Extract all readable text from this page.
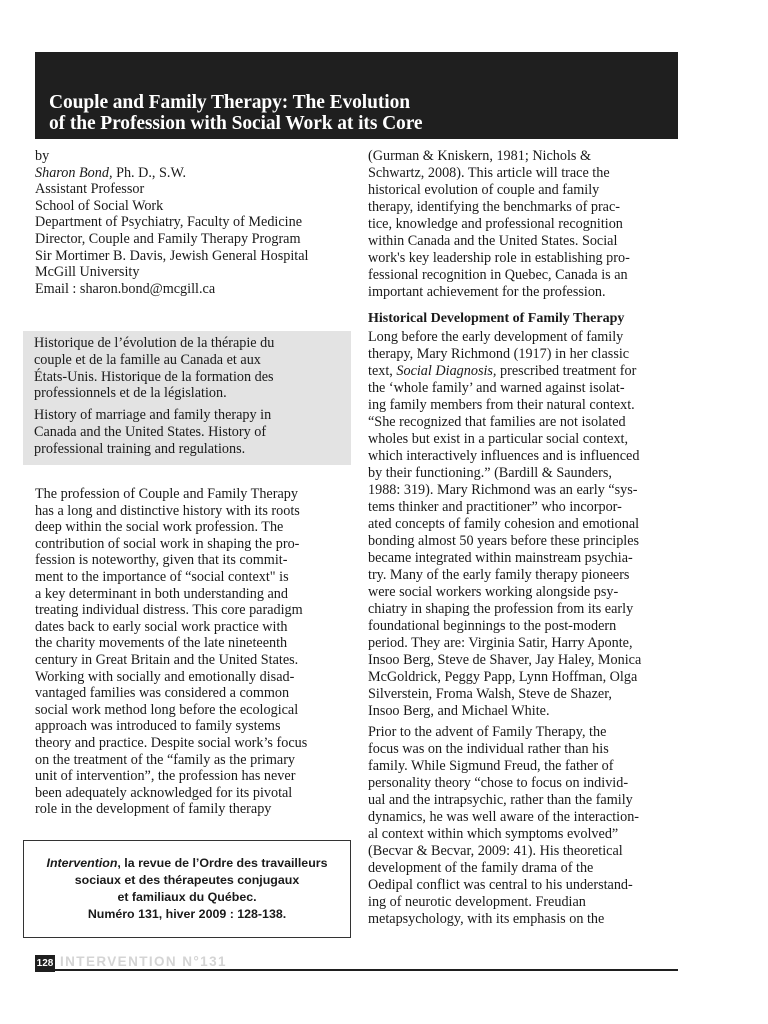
Couple and Family Therapy: The Evolution
of the Profession with Social Work at its Core
by
Sharon Bond, Ph. D., S.W.
Assistant Professor
School of Social Work
Department of Psychiatry, Faculty of Medicine
Director, Couple and Family Therapy Program
Sir Mortimer B. Davis, Jewish General Hospital
McGill University
Email : sharon.bond@mcgill.ca
Historique de l’évolution de la thérapie du
couple et de la famille au Canada et aux
États-Unis. Historique de la formation des
professionnels et de la législation.
History of marriage and family therapy in
Canada and the United States. History of
professional training and regulations.
The profession of Couple and Family Therapy
has a long and distinctive history with its roots
deep within the social work profession. The
contribution of social work in shaping the pro-
fession is noteworthy, given that its commit-
ment to the importance of “social context" is
a key determinant in both understanding and
treating individual distress. This core paradigm
dates back to early social work practice with
the charity movements of the late nineteenth
century in Great Britain and the United States.
Working with socially and emotionally disad-
vantaged families was considered a common
social work method long before the ecological
approach was introduced to family systems
theory and practice. Despite social work’s focus
on the treatment of the “family as the primary
unit of intervention”, the profession has never
been adequately acknowledged for its pivotal
role in the development of family therapy
Intervention, la revue de l’Ordre des travailleurs
sociaux et des thérapeutes conjugaux
et familiaux du Québec.
Numéro 131, hiver 2009 : 128-138.
(Gurman & Kniskern, 1981; Nichols &
Schwartz, 2008). This article will trace the
historical evolution of couple and family
therapy, identifying the benchmarks of prac-
tice, knowledge and professional recognition
within Canada and the United States. Social
work's key leadership role in establishing pro-
fessional recognition in Quebec, Canada is an
important achievement for the profession.
Historical Development of Family Therapy
Long before the early development of family
therapy, Mary Richmond (1917) in her classic
text, Social Diagnosis, prescribed treatment for
the ‘whole family’ and warned against isolat-
ing family members from their natural context.
“She recognized that families are not isolated
wholes but exist in a particular social context,
which interactively influences and is influenced
by their functioning.” (Bardill & Saunders,
1988: 319). Mary Richmond was an early “sys-
tems thinker and practitioner” who incorpor-
ated concepts of family cohesion and emotional
bonding almost 50 years before these principles
became integrated within mainstream psychia-
try. Many of the early family therapy pioneers
were social workers working alongside psy-
chiatry in shaping the profession from its early
foundational beginnings to the post-modern
period. They are: Virginia Satir, Harry Aponte,
Insoo Berg, Steve de Shaver, Jay Haley, Monica
McGoldrick, Peggy Papp, Lynn Hoffman, Olga
Silverstein, Froma Walsh, Steve de Shazer,
Insoo Berg, and Michael White.
Prior to the advent of Family Therapy, the
focus was on the individual rather than his
family. While Sigmund Freud, the father of
personality theory “chose to focus on individ-
ual and the intrapsychic, rather than the family
dynamics, he was well aware of the interaction-
al context within which symptoms evolved”
(Becvar & Becvar, 2009: 41). His theoretical
development of the family drama of the
Oedipal conflict was central to his understand-
ing of neurotic development. Freudian
metapsychology, with its emphasis on the
128 INTERVENTION N°131
